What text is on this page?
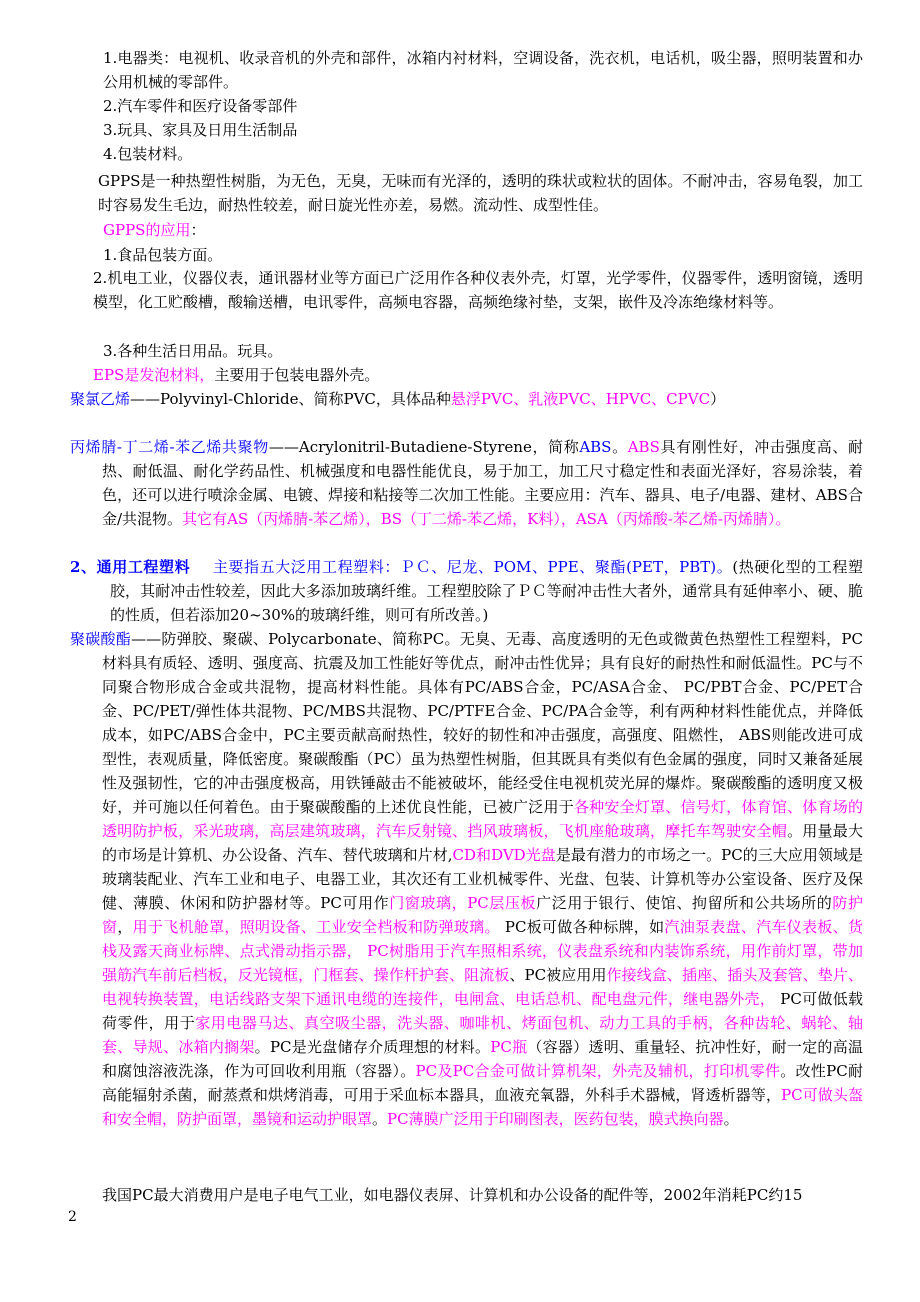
1.电器类：电视机、收录音机的外壳和部件，冰箱内衬材料，空调设备，洗衣机，电话机，吸尘器，照明装置和办公用机械的零部件。

2.汽车零件和医疗设备零部件

3.玩具、家具及日用生活制品

4.包装材料。

GPPS是一种热塑性树脂，为无色，无臭，无味而有光泽的，透明的珠状或粒状的固体。不耐冲击，容易龟裂，加工时容易发生毛边，耐热性较差，耐日旋光性亦差，易燃。流动性、成型性佳。

GPPS的应用：

1.食品包装方面。

2.机电工业，仪器仪表，通讯器材业等方面已广泛用作各种仪表外壳，灯罩，光学零件，仪器零件，透明窗镜，透明模型，化工贮酸槽，酸输送槽，电讯零件，高频电容器，高频绝缘衬垫，支架，嵌件及冷冻绝缘材料等。

3.各种生活日用品。玩具。

EPS是发泡材料，主要用于包装电器外壳。

聚氯乙烯——Polyvinyl-Chloride、简称PVC，具体品种悬浮PVC、乳液PVC、HPVC、CPVC）

丙烯腈-丁二烯-苯乙烯共聚物——Acrylonitril-Butadiene-Styrene，简称ABS。ABS具有刚性好，冲击强度高、耐热、耐低温、耐化学药品性、机械强度和电器性能优良，易于加工，加工尺寸稳定性和表面光泽好，容易涂装，着色，还可以进行喷涂金属、电镀、焊接和粘接等二次加工性能。主要应用：汽车、器具、电子/电器、建材、ABS合金/共混物。其它有AS（丙烯腈-苯乙烯），BS（丁二烯-苯乙烯，K料），ASA（丙烯酸-苯乙烯-丙烯腈）。

2、通用工程塑料 主要指五大泛用工程塑料：ＰＣ、尼龙、POM、PPE、聚酯(PET，PBT)。(热硬化型的工程塑胶，其耐冲击性较差，因此大多添加玻璃纤维。工程塑胶除了ＰＣ等耐冲击性大者外，通常具有延伸率小、硬、脆的性质，但若添加20~30%的玻璃纤维，则可有所改善。)

聚碳酸酯——防弹胶、聚碳、Polycarbonate、简称PC。无臭、无毒、高度透明的无色或微黄色热塑性工程塑料，PC材料具有质轻、透明、强度高、抗震及加工性能好等优点，耐冲击性优异；具有良好的耐热性和耐低温性。PC与不同聚合物形成合金或共混物，提高材料性能。具体有PC/ABS合金，PC/ASA合金、 PC/PBT合金、PC/PET合金、PC/PET/弹性体共混物、PC/MBS共混物、PC/PTFE合金、PC/PA合金等，利有两种材料性能优点，并降低成本，如PC/ABS合金中，PC主要贡献高耐热性，较好的韧性和冲击强度，高强度、阻燃性， ABS则能改进可成型性，表观质量，降低密度。聚碳酸酯（PC）虽为热塑性树脂，但其既具有类似有色金属的强度，同时又兼备延展性及强韧性，它的冲击强度极高，用铁锤敲击不能被破坏，能经受住电视机荧光屏的爆炸。聚碳酸酯的透明度又极好，并可施以任何着色。由于聚碳酸酯的上述优良性能，已被广泛用于各种安全灯罩、信号灯，体育馆、体育场的透明防护板，采光玻璃，高层建筑玻璃，汽车反射镜、挡风玻璃板，飞机座舱玻璃，摩托车驾驶安全帽。用量最大的市场是计算机、办公设备、汽车、替代玻璃和片材,CD和DVD光盘是最有潜力的市场之一。PC的三大应用领域是玻璃装配业、汽车工业和电子、电器工业，其次还有工业机械零件、光盘、包装、计算机等办公室设备、医疗及保健、薄膜、休闲和防护器材等。PC可用作门窗玻璃，PC层压板广泛用于银行、使馆、拘留所和公共场所的防护窗，用于飞机舱罩，照明设备、工业安全档板和防弹玻璃。 PC板可做各种标牌，如汽油泵表盘、汽车仪表板、货栈及露天商业标牌、点式滑动指示器， PC树脂用于汽车照相系统，仪表盘系统和内装饰系统，用作前灯罩，带加强筋汽车前后档板，反光镜框，门框套、操作杆护套、阻流板、PC被应用用作接线盒、插座、插头及套管、垫片、电视转换装置，电话线路支架下通讯电缆的连接件，电闸盒、电话总机、配电盘元件，继电器外壳， PC可做低载荷零件，用于家用电器马达、真空吸尘器，洗头器、咖啡机、烤面包机、动力工具的手柄，各种齿轮、蜗轮、轴套、导规、冰箱内搁架。PC是光盘储存介质理想的材料。PC瓶（容器）透明、重量轻、抗冲性好，耐一定的高温和腐蚀溶液洗涤，作为可回收利用瓶（容器）。PC及PC合金可做计算机架，外壳及辅机，打印机零件。改性PC耐高能辐射杀菌，耐蒸煮和烘烤消毒，可用于采血标本器具，血液充氧器，外科手术器械，肾透析器等，PC可做头盔和安全帽，防护面罩，墨镜和运动护眼罩。PC薄膜广泛用于印刷图表，医药包装，膜式换向器。

我国PC最大消费用户是电子电气工业，如电器仪表屏、计算机和办公设备的配件等，2002年消耗PC约15

2
